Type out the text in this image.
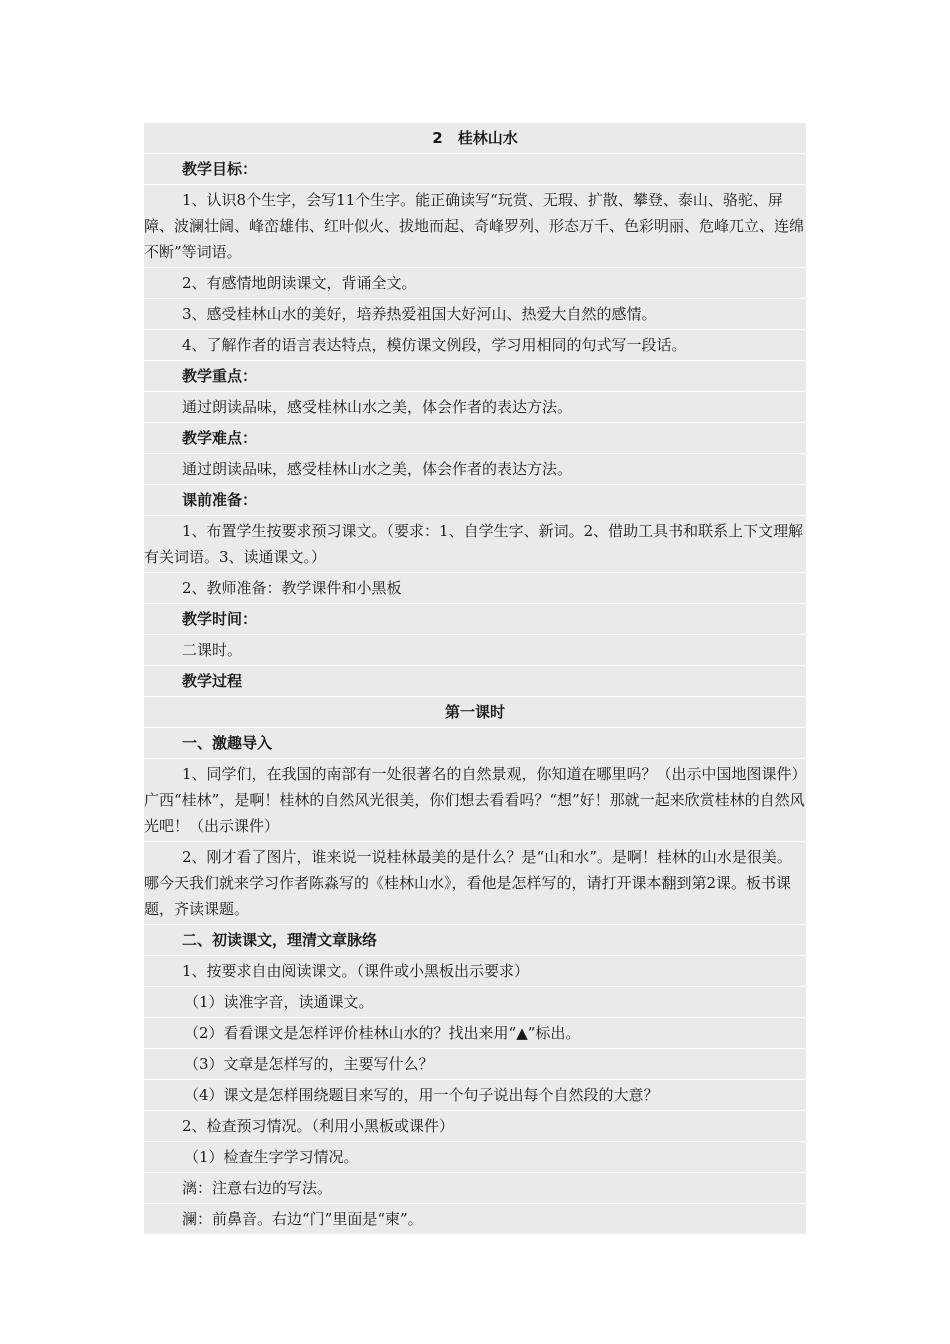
2　桂林山水
教学目标：
1、认识8个生字，会写11个生字。能正确读写“玩赏、无瑕、扩散、攀登、泰山、骆驼、屏障、波澜壮阔、峰峦雄伟、红叶似火、拔地而起、奇峰罗列、形态万千、色彩明丽、危峰兀立、连绵不断”等词语。
2、有感情地朗读课文，背诵全文。
3、感受桂林山水的美好，培养热爱祖国大好河山、热爱大自然的感情。
4、了解作者的语言表达特点，模仿课文例段，学习用相同的句式写一段话。
教学重点：
通过朗读品味，感受桂林山水之美，体会作者的表达方法。
教学难点：
通过朗读品味，感受桂林山水之美，体会作者的表达方法。
课前准备：
1、布置学生按要求预习课文。（要求：1、自学生字、新词。2、借助工具书和联系上下文理解有关词语。3、读通课文。）
2、教师准备：教学课件和小黑板
教学时间：
二课时。
教学过程
第一课时
一、激趣导入
1、同学们，在我国的南部有一处很著名的自然景观，你知道在哪里吗？（出示中国地图课件）广西“桂林”，是啊！桂林的自然风光很美，你们想去看看吗？“想”好！那就一起来欣赏桂林的自然风光吧！（出示课件）
2、刚才看了图片，谁来说一说桂林最美的是什么？是“山和水”。是啊！桂林的山水是很美。哪今天我们就来学习作者陈淼写的《桂林山水》，看他是怎样写的，请打开课本翻到第2课。板书课题，齐读课题。
二、初读课文，理清文章脉络
1、按要求自由阅读课文。（课件或小黑板出示要求）
（1）读准字音，读通课文。
（2）看看课文是怎样评价桂林山水的？找出来用“▲”标出。
（3）文章是怎样写的，主要写什么？
（4）课文是怎样围绕题目来写的，用一个句子说出每个自然段的大意？
2、检查预习情况。（利用小黑板或课件）
（1）检查生字学习情况。
漓：注意右边的写法。
澜：前鼻音。右边“门”里面是“柬”。
